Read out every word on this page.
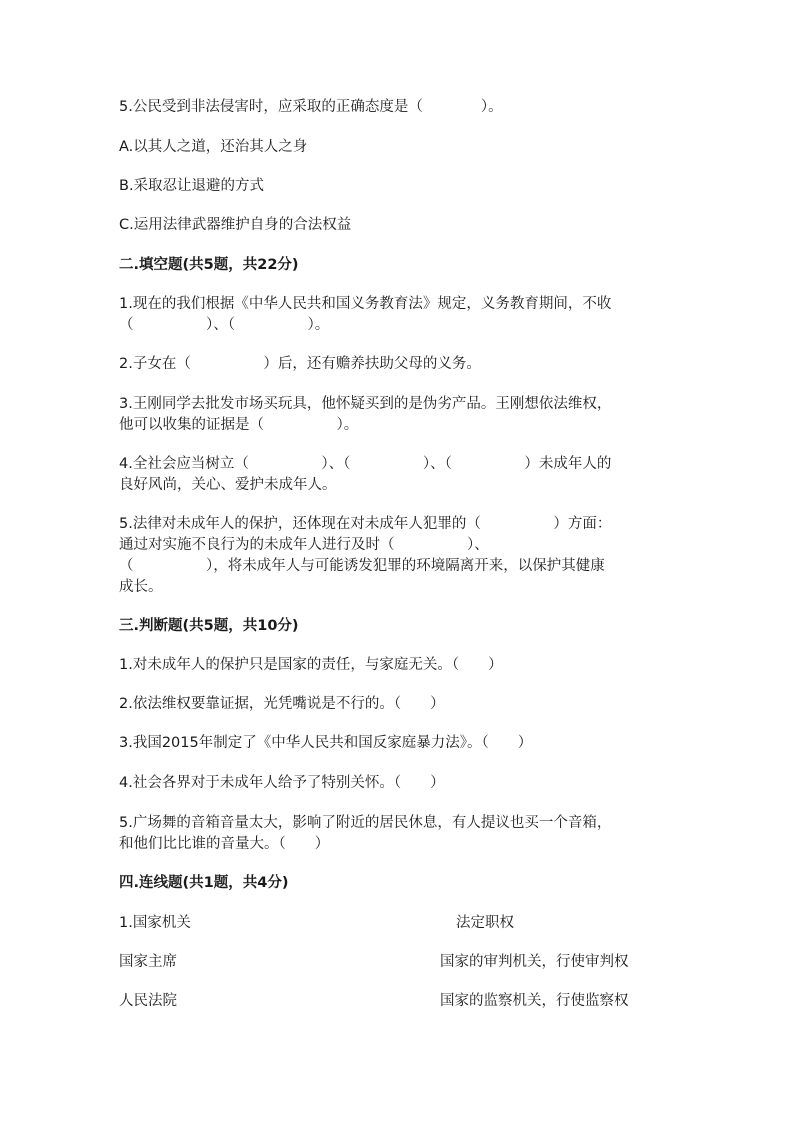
5.公民受到非法侵害时，应采取的正确态度是（　　　　）。

A.以其人之道，还治其人之身

B.采取忍让退避的方式

C.运用法律武器维护自身的合法权益

二.填空题(共5题，共22分)

1.现在的我们根据《中华人民共和国义务教育法》规定，义务教育期间，不收

（　　　　　）、（　　　　　）。

2.子女在（　　　　　）后，还有赡养扶助父母的义务。

3.王刚同学去批发市场买玩具，他怀疑买到的是伪劣产品。王刚想依法维权，

他可以收集的证据是（　　　　　）。

4.全社会应当树立（　　　　　）、（　　　　　）、（　　　　　）未成年人的

良好风尚，关心、爱护未成年人。

5.法律对未成年人的保护，还体现在对未成年人犯罪的（　　　　　）方面：

通过对实施不良行为的未成年人进行及时（　　　　　）、

（　　　　　），将未成年人与可能诱发犯罪的环境隔离开来，以保护其健康

成长。

三.判断题(共5题，共10分)

1.对未成年人的保护只是国家的责任，与家庭无关。（　　）

2.依法维权要靠证据，光凭嘴说是不行的。（　　）

3.我国2015年制定了《中华人民共和国反家庭暴力法》。（　　）

4.社会各界对于未成年人给予了特别关怀。（　　）

5.广场舞的音箱音量太大，影响了附近的居民休息，有人提议也买一个音箱，

和他们比比谁的音量大。（　　）

四.连线题(共1题，共4分)

1.国家机关	法定职权
国家主席	国家的审判机关，行使审判权
人民法院	国家的监察机关，行使监察权
